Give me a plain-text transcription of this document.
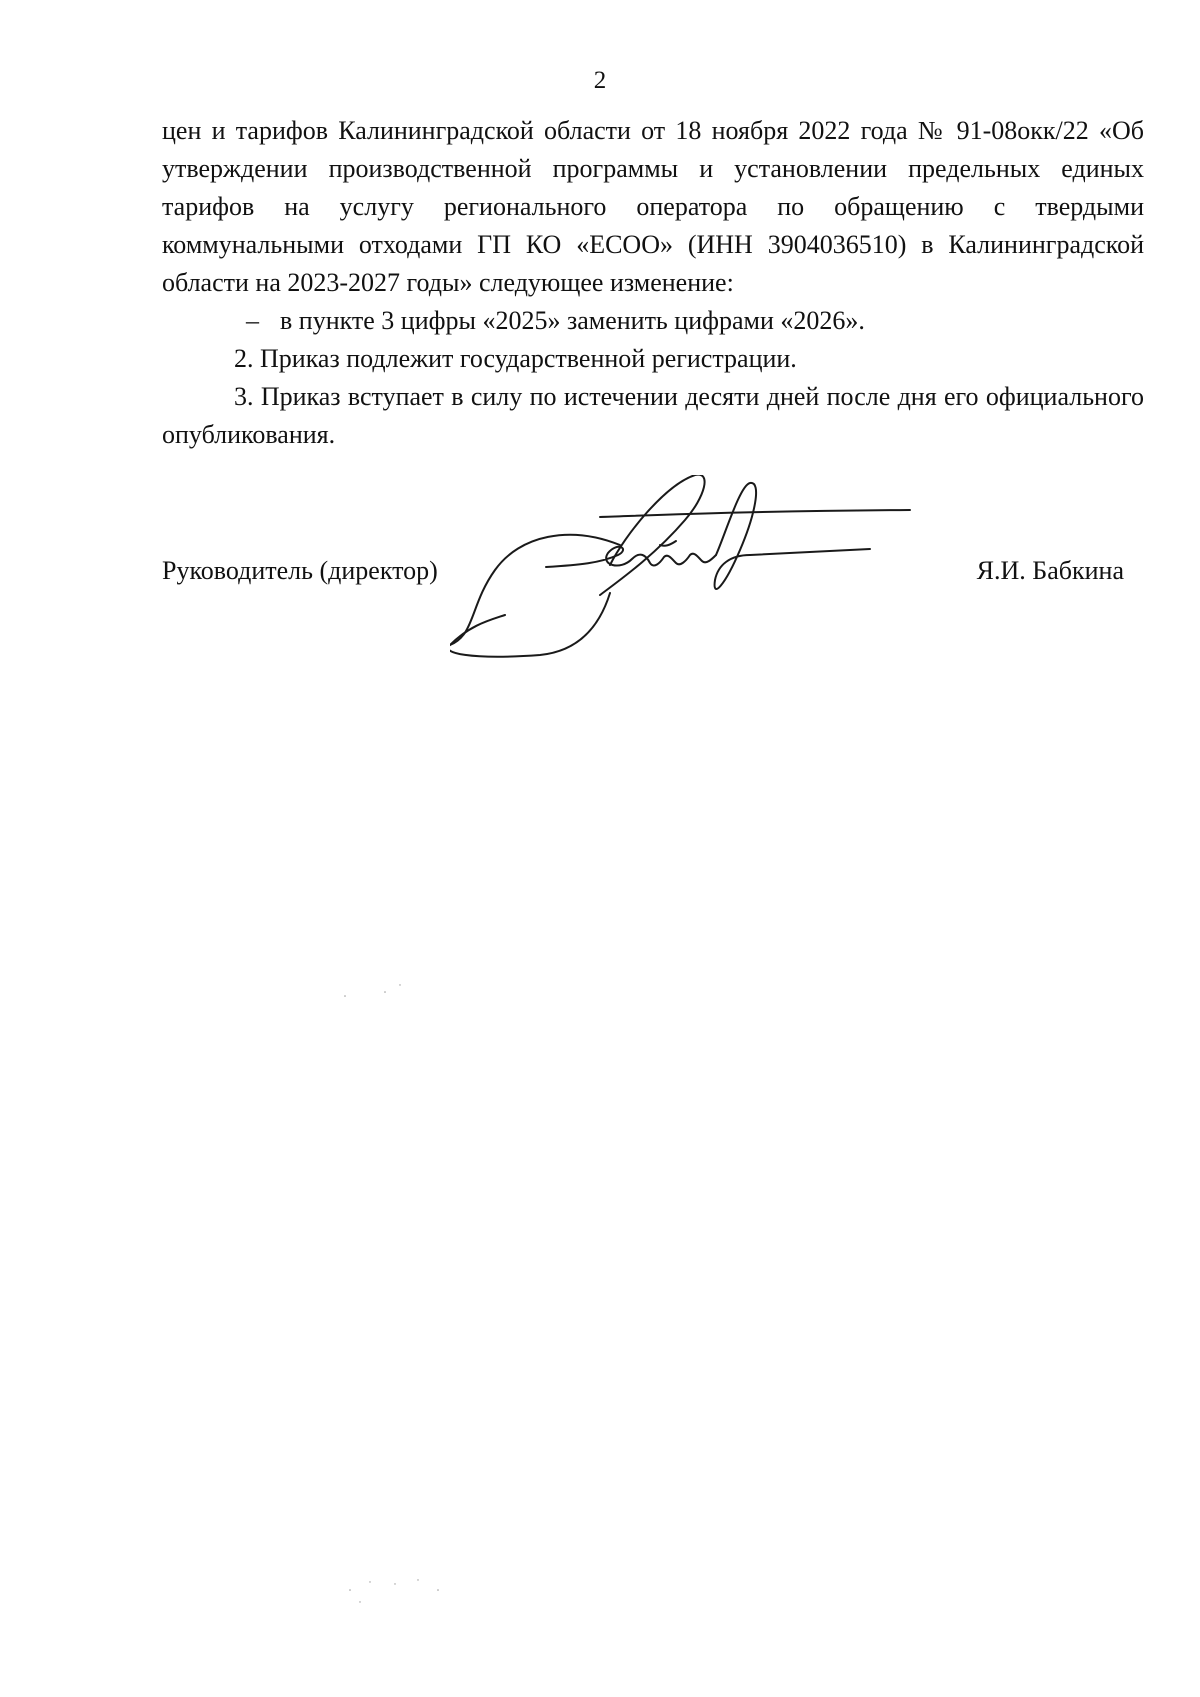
2

цен и тарифов Калининградской области от 18 ноября 2022 года № 91-08окк/22 «Об утверждении производственной программы и установлении предельных единых тарифов на услугу регионального оператора по обращению с твердыми коммунальными отходами ГП КО «ЕСОО» (ИНН 3904036510) в Калининградской области на 2023-2027 годы» следующее изменение:

– в пункте 3 цифры «2025» заменить цифрами «2026».

2. Приказ подлежит государственной регистрации.

3. Приказ вступает в силу по истечении десяти дней после дня его официального опубликования.

Руководитель (директор)	Я.И. Бабкина
